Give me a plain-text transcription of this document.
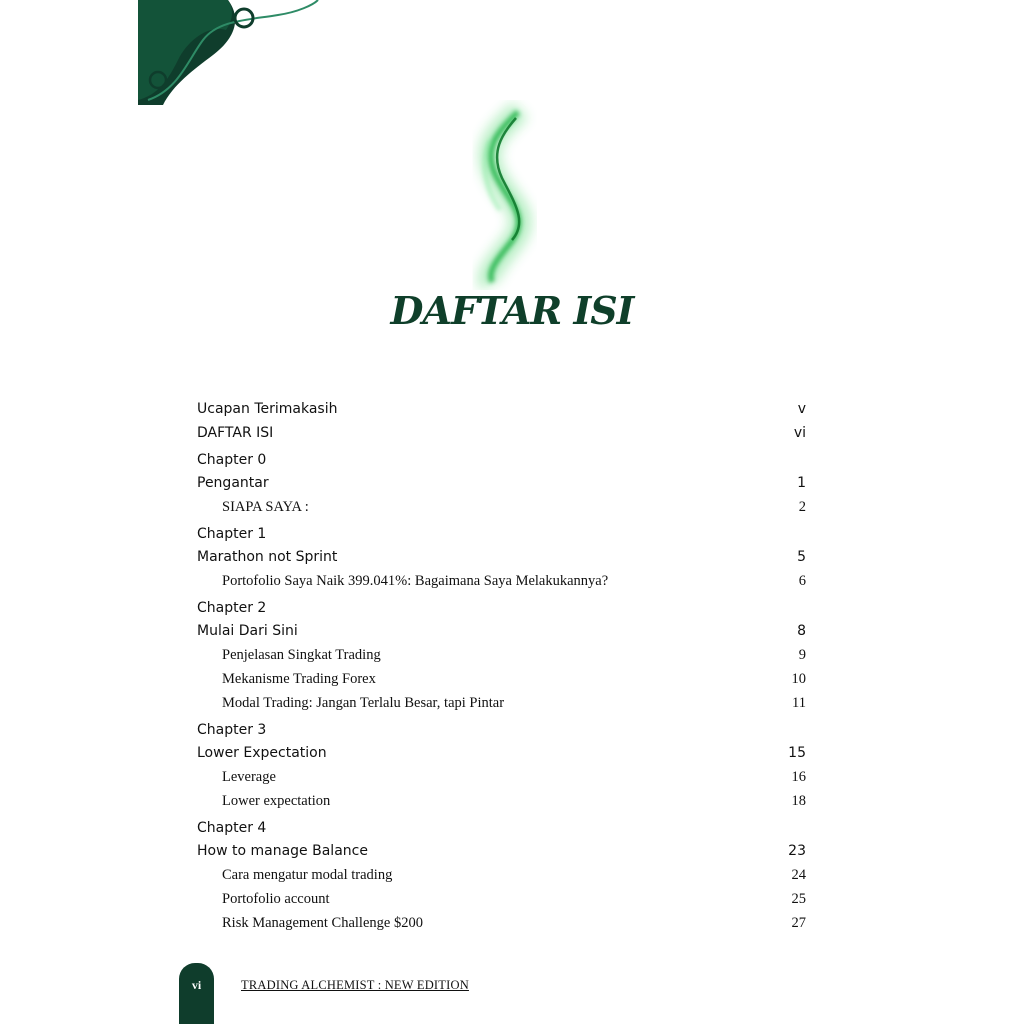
DAFTAR ISI
Ucapan Terimakasih	v
DAFTAR ISI	vi
Chapter 0
Pengantar	1
SIAPA SAYA :	2
Chapter 1
Marathon not Sprint	5
Portofolio Saya Naik 399.041%: Bagaimana Saya Melakukannya?	6
Chapter 2
Mulai Dari Sini	8
Penjelasan Singkat Trading	9
Mekanisme Trading Forex	10
Modal Trading: Jangan Terlalu Besar, tapi Pintar	11
Chapter 3
Lower Expectation	15
Leverage	16
Lower expectation	18
Chapter 4
How to manage Balance	23
Cara mengatur modal trading	24
Portofolio account	25
Risk Management Challenge $200	27
vi	TRADING ALCHEMIST : NEW EDITION
